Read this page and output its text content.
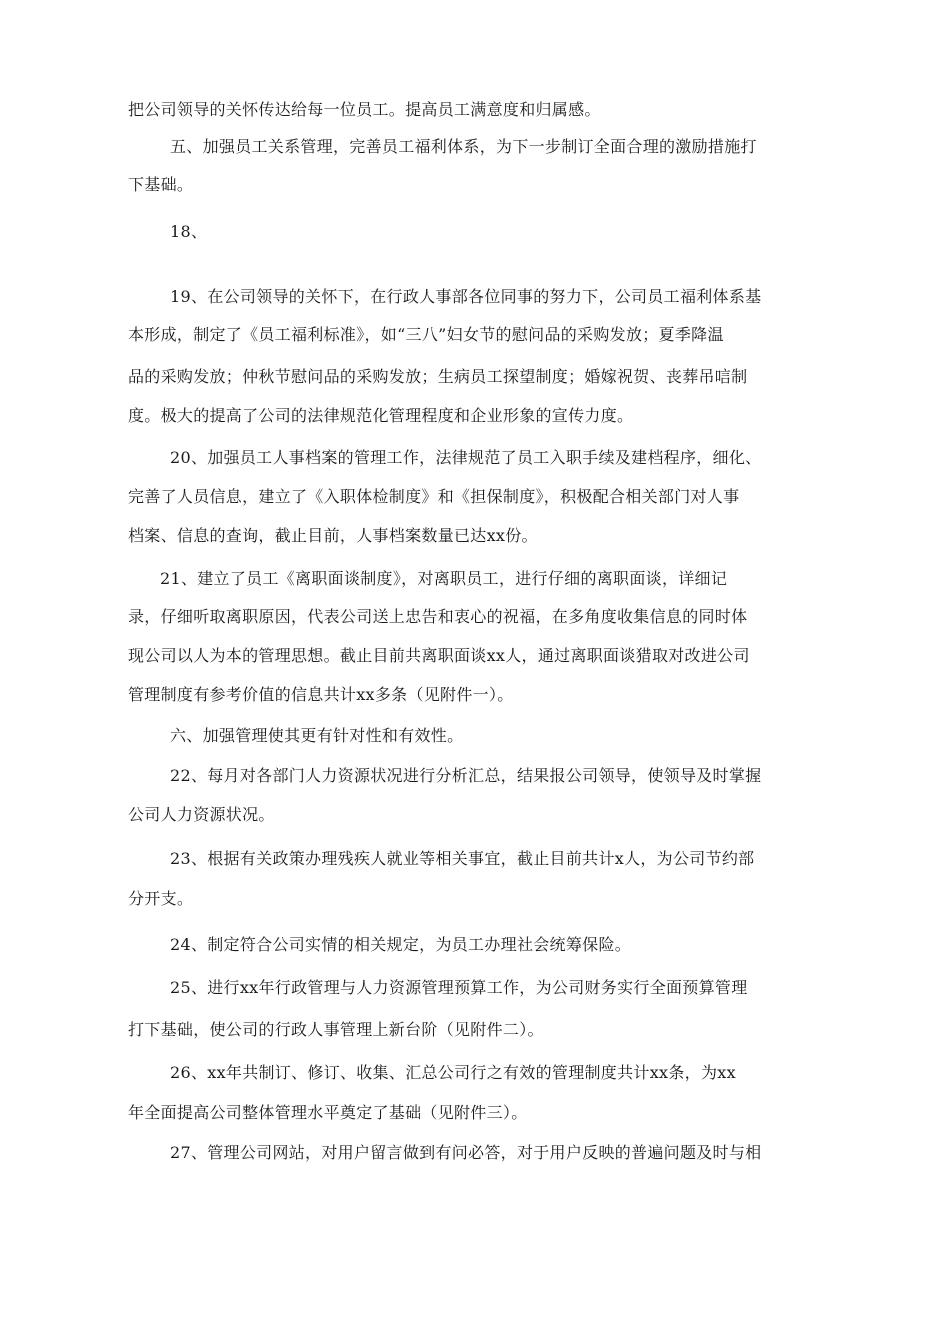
把公司领导的关怀传达给每一位员工。提高员工满意度和归属感。
五、加强员工关系管理，完善员工福利体系，为下一步制订全面合理的激励措施打
下基础。
18、
19、在公司领导的关怀下，在行政人事部各位同事的努力下，公司员工福利体系基
本形成，制定了《员工福利标准》，如“三八”妇女节的慰问品的采购发放；夏季降温
品的采购发放；仲秋节慰问品的采购发放；生病员工探望制度；婚嫁祝贺、丧葬吊唁制
度。极大的提高了公司的法律规范化管理程度和企业形象的宣传力度。
20、加强员工人事档案的管理工作，法律规范了员工入职手续及建档程序，细化、
完善了人员信息，建立了《入职体检制度》和《担保制度》，积极配合相关部门对人事
档案、信息的查询，截止目前，人事档案数量已达xx份。
21、建立了员工《离职面谈制度》，对离职员工，进行仔细的离职面谈，详细记
录，仔细听取离职原因，代表公司送上忠告和衷心的祝福，在多角度收集信息的同时体
现公司以人为本的管理思想。截止目前共离职面谈xx人，通过离职面谈猎取对改进公司
管理制度有参考价值的信息共计xx多条（见附件一）。
六、加强管理使其更有针对性和有效性。
22、每月对各部门人力资源状况进行分析汇总，结果报公司领导，使领导及时掌握
公司人力资源状况。
23、根据有关政策办理残疾人就业等相关事宜，截止目前共计x人，为公司节约部
分开支。
24、制定符合公司实情的相关规定，为员工办理社会统筹保险。
25、进行xx年行政管理与人力资源管理预算工作，为公司财务实行全面预算管理
打下基础，使公司的行政人事管理上新台阶（见附件二）。
26、xx年共制订、修订、收集、汇总公司行之有效的管理制度共计xx条，为xx
年全面提高公司整体管理水平奠定了基础（见附件三）。
27、管理公司网站，对用户留言做到有问必答，对于用户反映的普遍问题及时与相
